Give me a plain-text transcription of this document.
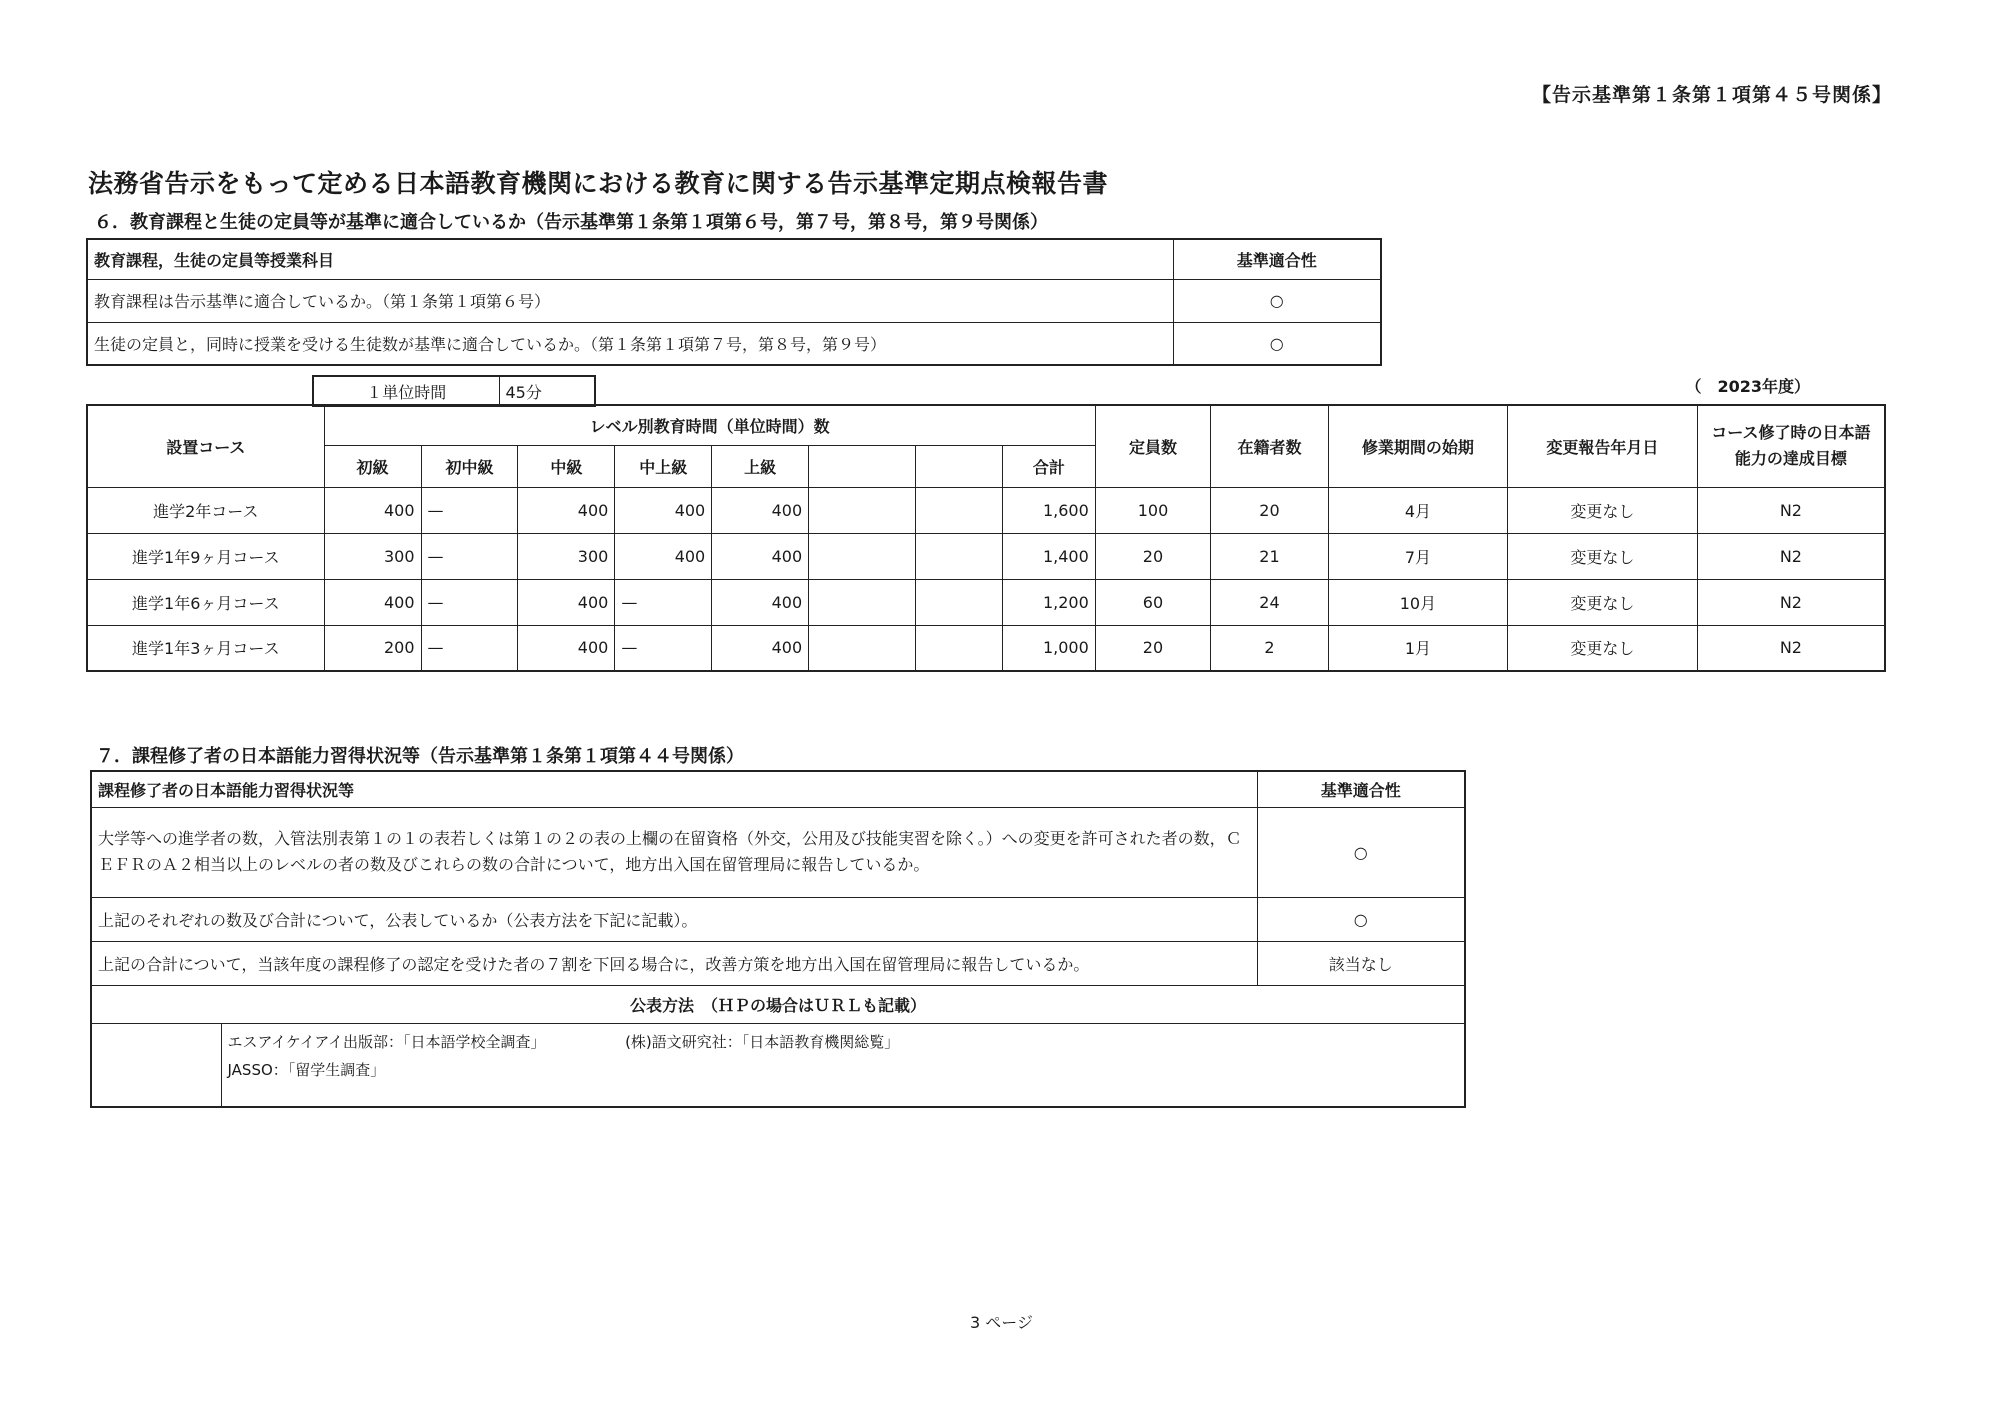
【告示基準第１条第１項第４５号関係】
法務省告示をもって定める日本語教育機関における教育に関する告示基準定期点検報告書
６．教育課程と生徒の定員等が基準に適合しているか（告示基準第１条第１項第６号，第７号，第８号，第９号関係）
教育課程，生徒の定員等授業科目	基準適合性
教育課程は告示基準に適合しているか。（第１条第１項第６号）	○
生徒の定員と，同時に授業を受ける生徒数が基準に適合しているか。（第１条第１項第７号，第８号，第９号）	○
１単位時間	45分	（　2023年度）
設置コース	レベル別教育時間（単位時間）数								定員数	在籍者数	修業期間の始期	変更報告年月日	コース修了時の日本語能力の達成目標
	初級	初中級	中級	中上級	上級			合計					
進学2年コース	400	—	400	400	400			1,600	100	20	4月	変更なし	N2
進学1年9ヶ月コース	300	—	300	400	400			1,400	20	21	7月	変更なし	N2
進学1年6ヶ月コース	400	—	400	—	400			1,200	60	24	10月	変更なし	N2
進学1年3ヶ月コース	200	—	400	—	400			1,000	20	2	1月	変更なし	N2
７．課程修了者の日本語能力習得状況等（告示基準第１条第１項第４４号関係）
課程修了者の日本語能力習得状況等		基準適合性
大学等への進学者の数，入管法別表第１の１の表若しくは第１の２の表の上欄の在留資格（外交，公用及び技能実習を除く。）への変更を許可された者の数，ＣＥＦＲのＡ２相当以上のレベルの者の数及びこれらの数の合計について，地方出入国在留管理局に報告しているか。		○
上記のそれぞれの数及び合計について，公表しているか（公表方法を下記に記載）。		○
上記の合計について，当該年度の課程修了の認定を受けた者の７割を下回る場合に，改善方策を地方出入国在留管理局に報告しているか。		該当なし
公表方法　（ＨＰの場合はＵＲＬも記載）		
	エスアイケイアイ出版部：「日本語学校全調査」 (株)語文研究社：「日本語教育機関総覧」
JASSO：「留学生調査」	
3 ページ
